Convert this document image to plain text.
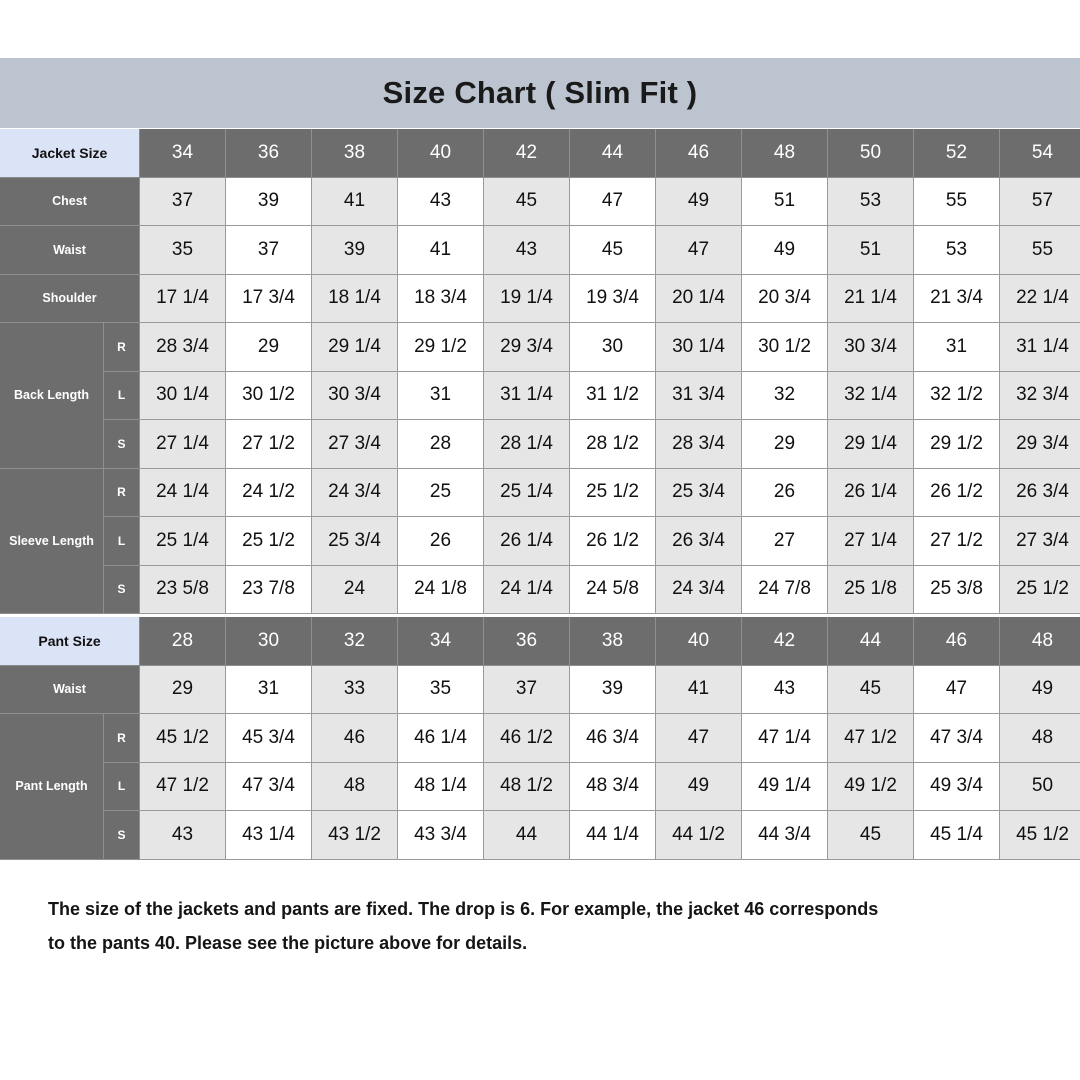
Size Chart ( Slim Fit )
Jacket Size	34	36	38	40	42	44	46	48	50	52	54
Chest	37	39	41	43	45	47	49	51	53	55	57
Waist	35	37	39	41	43	45	47	49	51	53	55
Shoulder	17 1/4	17 3/4	18 1/4	18 3/4	19 1/4	19 3/4	20 1/4	20 3/4	21 1/4	21 3/4	22 1/4
Back Length
R	28 3/4	29	29 1/4	29 1/2	29 3/4	30	30 1/4	30 1/2	30 3/4	31	31 1/4
L	30 1/4	30 1/2	30 3/4	31	31 1/4	31 1/2	31 3/4	32	32 1/4	32 1/2	32 3/4
S	27 1/4	27 1/2	27 3/4	28	28 1/4	28 1/2	28 3/4	29	29 1/4	29 1/2	29 3/4
Sleeve Length
R	24 1/4	24 1/2	24 3/4	25	25 1/4	25 1/2	25 3/4	26	26 1/4	26 1/2	26 3/4
L	25 1/4	25 1/2	25 3/4	26	26 1/4	26 1/2	26 3/4	27	27 1/4	27 1/2	27 3/4
S	23 5/8	23 7/8	24	24 1/8	24 1/4	24 5/8	24 3/4	24 7/8	25 1/8	25 3/8	25 1/2
Pant Size	28	30	32	34	36	38	40	42	44	46	48
Waist	29	31	33	35	37	39	41	43	45	47	49
Pant Length
R	45 1/2	45 3/4	46	46 1/4	46 1/2	46 3/4	47	47 1/4	47 1/2	47 3/4	48
L	47 1/2	47 3/4	48	48 1/4	48 1/2	48 3/4	49	49 1/4	49 1/2	49 3/4	50
S	43	43 1/4	43 1/2	43 3/4	44	44 1/4	44 1/2	44 3/4	45	45 1/4	45 1/2

The size of the jackets and pants are fixed. The drop is 6. For example, the jacket 46 corresponds
to the pants 40. Please see the picture above for details.
